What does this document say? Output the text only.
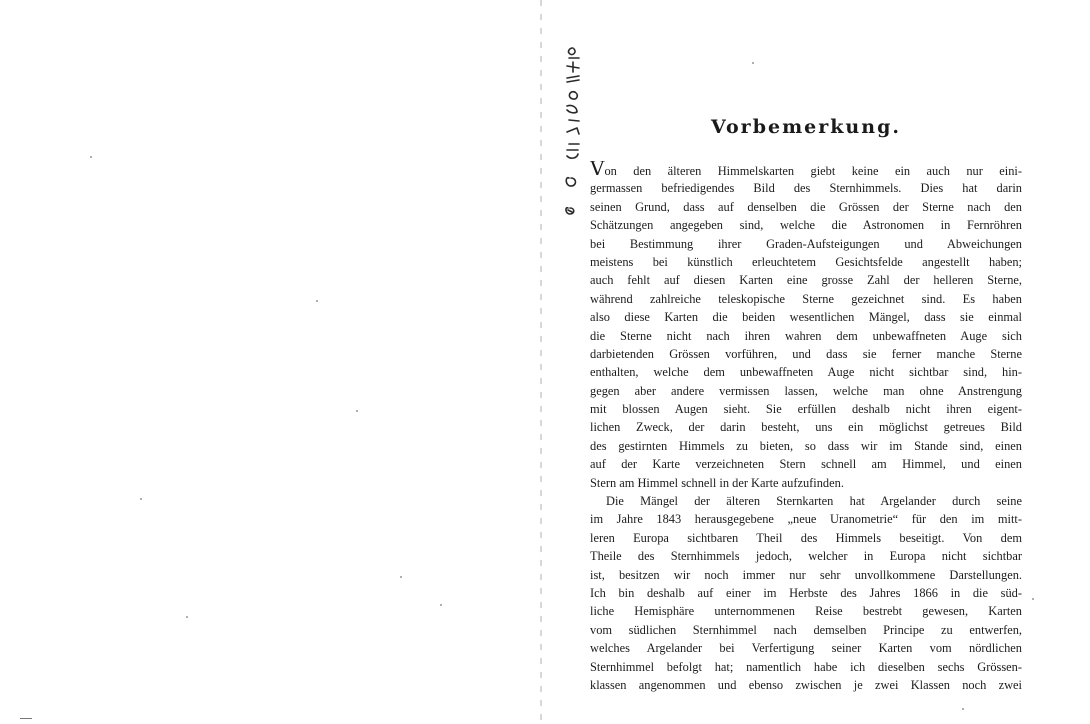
Vorbemerkung.
Von den älteren Himmelskarten giebt keine ein auch nur eini-
germassen befriedigendes Bild des Sternhimmels. Dies hat darin
seinen Grund, dass auf denselben die Grössen der Sterne nach den
Schätzungen angegeben sind, welche die Astronomen in Fernröhren
bei Bestimmung ihrer Graden-Aufsteigungen und Abweichungen
meistens bei künstlich erleuchtetem Gesichtsfelde angestellt haben;
auch fehlt auf diesen Karten eine grosse Zahl der helleren Sterne,
während zahlreiche teleskopische Sterne gezeichnet sind. Es haben
also diese Karten die beiden wesentlichen Mängel, dass sie einmal
die Sterne nicht nach ihren wahren dem unbewaffneten Auge sich
darbietenden Grössen vorführen, und dass sie ferner manche Sterne
enthalten, welche dem unbewaffneten Auge nicht sichtbar sind, hin-
gegen aber andere vermissen lassen, welche man ohne Anstrengung
mit blossen Augen sieht. Sie erfüllen deshalb nicht ihren eigent-
lichen Zweck, der darin besteht, uns ein möglichst getreues Bild
des gestirnten Himmels zu bieten, so dass wir im Stande sind, einen
auf der Karte verzeichneten Stern schnell am Himmel, und einen
Stern am Himmel schnell in der Karte aufzufinden.
Die Mängel der älteren Sternkarten hat Argelander durch seine
im Jahre 1843 herausgegebene „neue Uranometrie“ für den im mitt-
leren Europa sichtbaren Theil des Himmels beseitigt. Von dem
Theile des Sternhimmels jedoch, welcher in Europa nicht sichtbar
ist, besitzen wir noch immer nur sehr unvollkommene Darstellungen.
Ich bin deshalb auf einer im Herbste des Jahres 1866 in die süd-
liche Hemisphäre unternommenen Reise bestrebt gewesen, Karten
vom südlichen Sternhimmel nach demselben Principe zu entwerfen,
welches Argelander bei Verfertigung seiner Karten vom nördlichen
Sternhimmel befolgt hat; namentlich habe ich dieselben sechs Grössen-
klassen angenommen und ebenso zwischen je zwei Klassen noch zwei
